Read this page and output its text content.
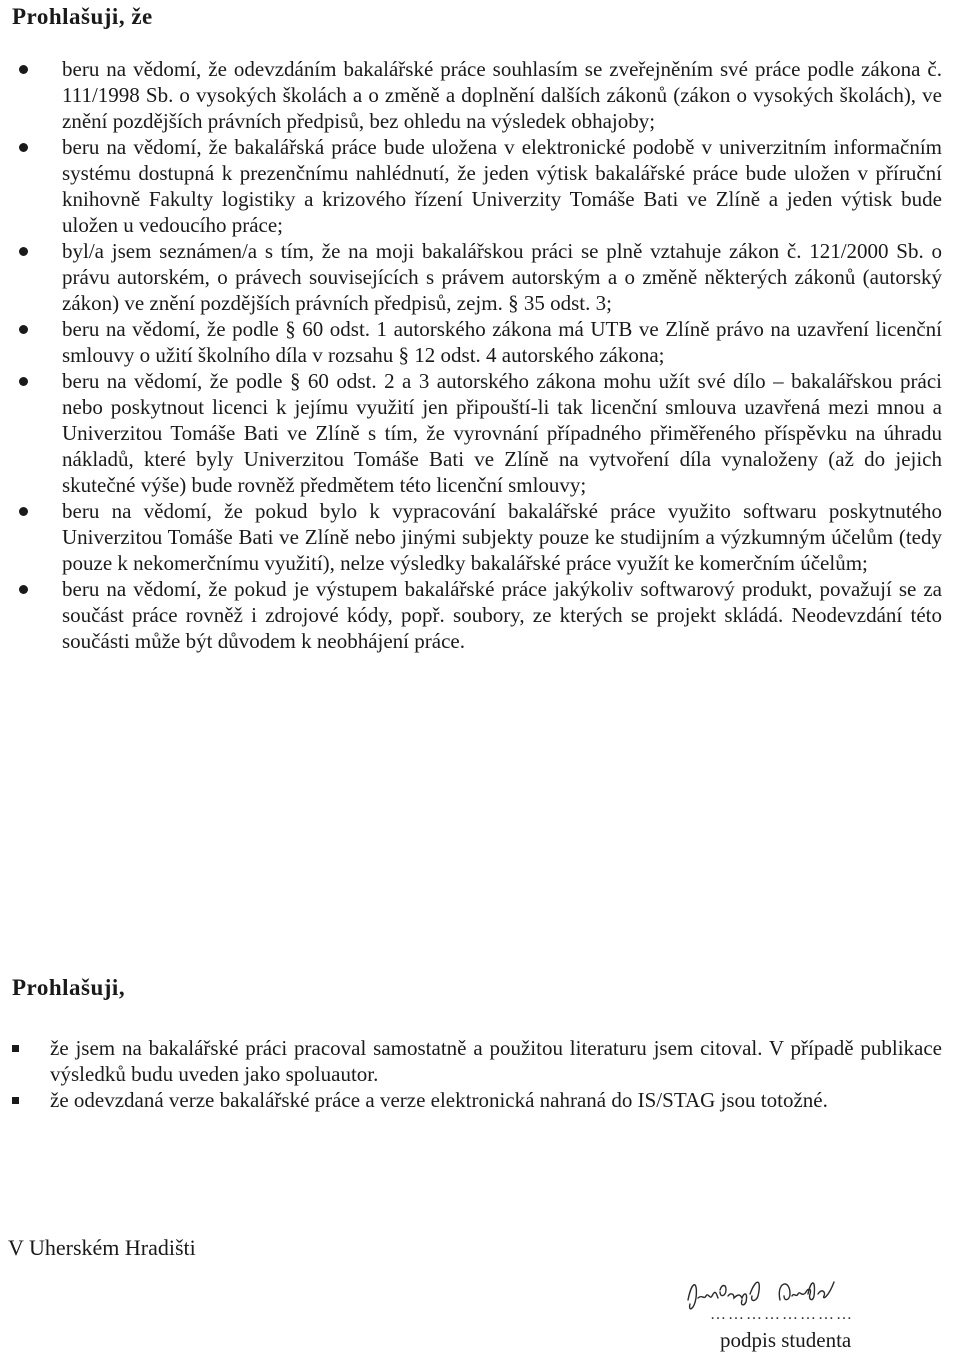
Prohlašuji, že
beru na vědomí, že odevzdáním bakalářské práce souhlasím se zveřejněním své práce podle zákona č. 111/1998 Sb. o vysokých školách a o změně a doplnění dalších zákonů (zákon o vysokých školách), ve znění pozdějších právních předpisů, bez ohledu na výsledek obhajoby;
beru na vědomí, že bakalářská práce bude uložena v elektronické podobě v univerzitním informačním systému dostupná k prezenčnímu nahlédnutí, že jeden výtisk bakalářské práce bude uložen v příruční knihovně Fakulty logistiky a krizového řízení Univerzity Tomáše Bati ve Zlíně a jeden výtisk bude uložen u vedoucího práce;
byl/a jsem seznámen/a s tím, že na moji bakalářskou práci se plně vztahuje zákon č. 121/2000 Sb. o právu autorském, o právech souvisejících s právem autorským a o změně některých zákonů (autorský zákon) ve znění pozdějších právních předpisů, zejm. § 35 odst. 3;
beru na vědomí, že podle § 60 odst. 1 autorského zákona má UTB ve Zlíně právo na uzavření licenční smlouvy o užití školního díla v rozsahu § 12 odst. 4 autorského zákona;
beru na vědomí, že podle § 60 odst. 2 a 3 autorského zákona mohu užít své dílo – bakalářskou práci nebo poskytnout licenci k jejímu využití jen připouští-li tak licenční smlouva uzavřená mezi mnou a Univerzitou Tomáše Bati ve Zlíně s tím, že vyrovnání případného přiměřeného příspěvku na úhradu nákladů, které byly Univerzitou Tomáše Bati ve Zlíně na vytvoření díla vynaloženy (až do jejich skutečné výše) bude rovněž předmětem této licenční smlouvy;
beru na vědomí, že pokud bylo k vypracování bakalářské práce využito softwaru poskytnutého Univerzitou Tomáše Bati ve Zlíně nebo jinými subjekty pouze ke studijním a výzkumným účelům (tedy pouze k nekomerčnímu využití), nelze výsledky bakalářské práce využít ke komerčním účelům;
beru na vědomí, že pokud je výstupem bakalářské práce jakýkoliv softwarový produkt, považují se za součást práce rovněž i zdrojové kódy, popř. soubory, ze kterých se projekt skládá. Neodevzdání této součásti může být důvodem k neobhájení práce.
Prohlašuji,
že jsem na bakalářské práci pracoval samostatně a použitou literaturu jsem citoval. V případě publikace výsledků budu uveden jako spoluautor.
že odevzdaná verze bakalářské práce a verze elektronická nahraná do IS/STAG jsou totožné.

V Uherském Hradišti

……………………
podpis studenta
